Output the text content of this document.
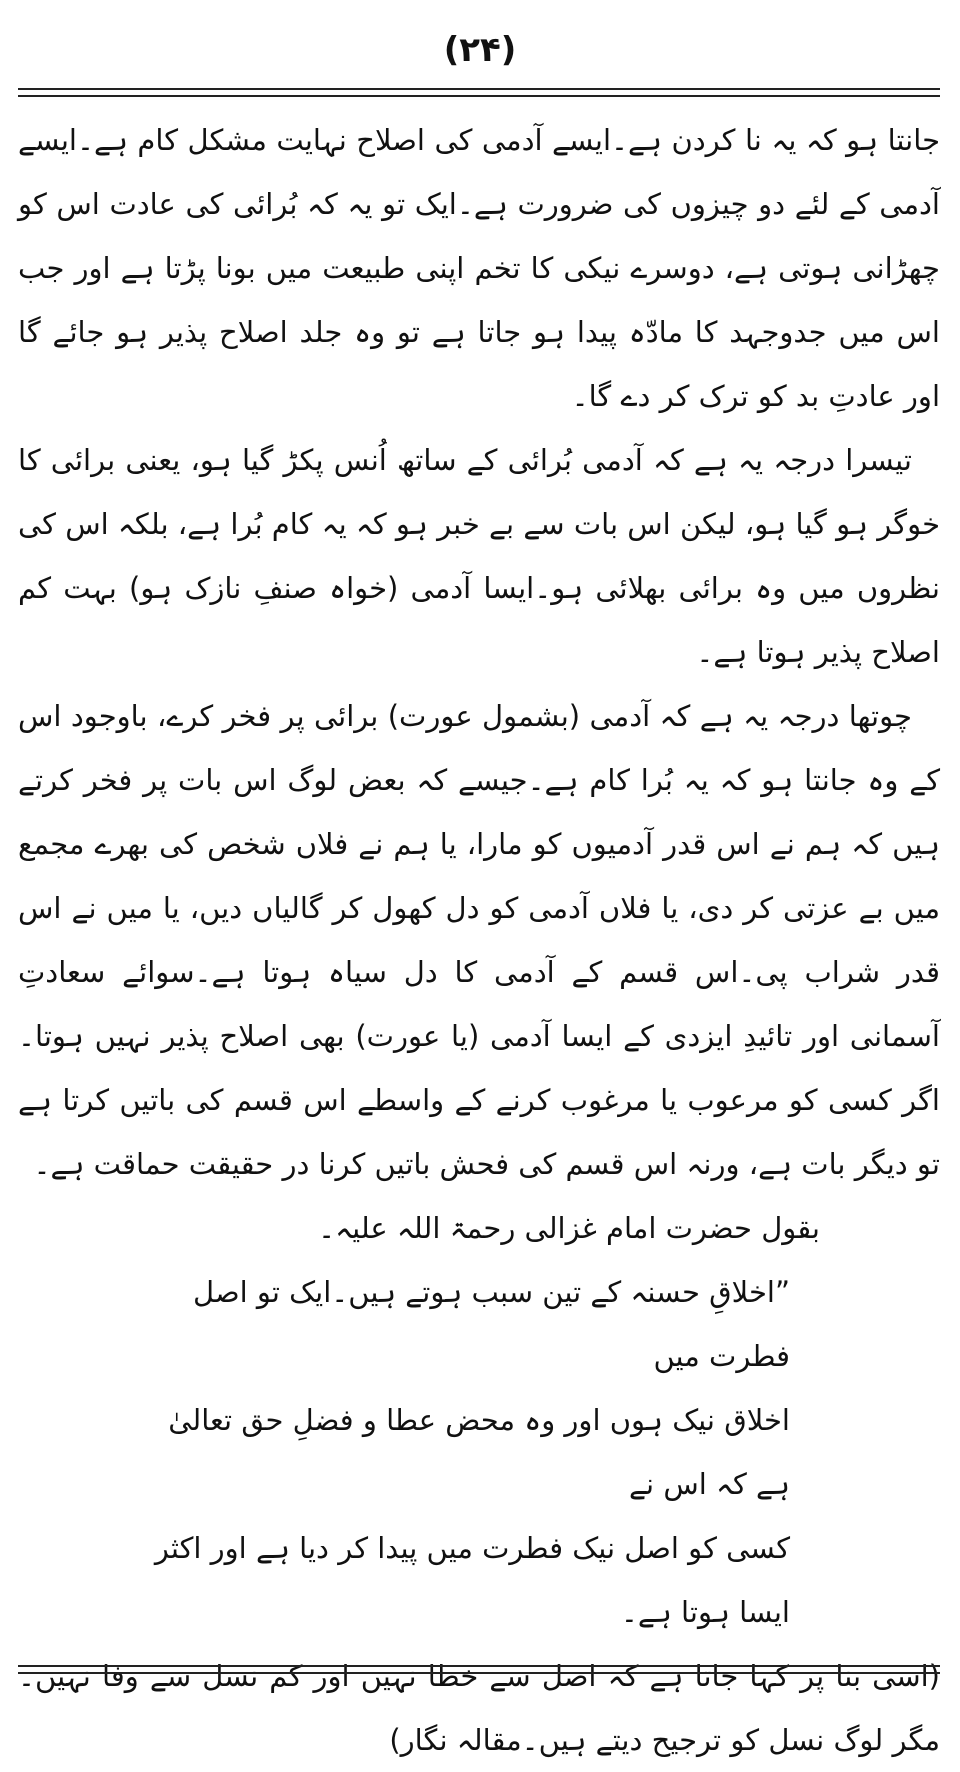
(۲۴)

جانتا ہو کہ یہ نا کردن ہے۔ایسے آدمی کی اصلاح نہایت مشکل کام ہے۔ایسے آدمی کے لئے دو چیزوں کی ضرورت ہے۔ایک تو یہ کہ بُرائی کی عادت اس کو چھڑانی ہوتی ہے، دوسرے نیکی کا تخم اپنی طبیعت میں بونا پڑتا ہے اور جب اس میں جدوجہد کا مادّہ پیدا ہو جاتا ہے تو وہ جلد اصلاح پذیر ہو جائے گا اور عادتِ بد کو ترک کر دے گا۔

تیسرا درجہ یہ ہے کہ آدمی بُرائی کے ساتھ اُنس پکڑ گیا ہو، یعنی برائی کا خوگر ہو گیا ہو، لیکن اس بات سے بے خبر ہو کہ یہ کام بُرا ہے، بلکہ اس کی نظروں میں وہ برائی بھلائی ہو۔ایسا آدمی (خواہ صنفِ نازک ہو) بہت کم اصلاح پذیر ہوتا ہے۔

چوتھا درجہ یہ ہے کہ آدمی (بشمول عورت) برائی پر فخر کرے، باوجود اس کے وہ جانتا ہو کہ یہ بُرا کام ہے۔جیسے کہ بعض لوگ اس بات پر فخر کرتے ہیں کہ ہم نے اس قدر آدمیوں کو مارا، یا ہم نے فلاں شخص کی بھرے مجمع میں بے عزتی کر دی، یا فلاں آدمی کو دل کھول کر گالیاں دیں، یا میں نے اس قدر شراب پی۔اس قسم کے آدمی کا دل سیاہ ہوتا ہے۔سوائے سعادتِ آسمانی اور تائیدِ ایزدی کے ایسا آدمی (یا عورت) بھی اصلاح پذیر نہیں ہوتا۔اگر کسی کو مرعوب یا مرغوب کرنے کے واسطے اس قسم کی باتیں کرتا ہے تو دیگر بات ہے، ورنہ اس قسم کی فحش باتیں کرنا در حقیقت حماقت ہے۔

بقول حضرت امام غزالی رحمۃ اللہ علیہ۔

”اخلاقِ حسنہ کے تین سبب ہوتے ہیں۔ایک تو اصل فطرت میں

اخلاق نیک ہوں اور وہ محض عطا و فضلِ حق تعالیٰ ہے کہ اس نے

کسی کو اصل نیک فطرت میں پیدا کر دیا ہے اور اکثر ایسا ہوتا ہے۔

(اسی بنا پر کہا جاتا ہے کہ اصل سے خطا نہیں اور کم نسل سے وفا نہیں۔مگر لوگ نسل کو ترجیح دیتے ہیں۔مقالہ نگار)
